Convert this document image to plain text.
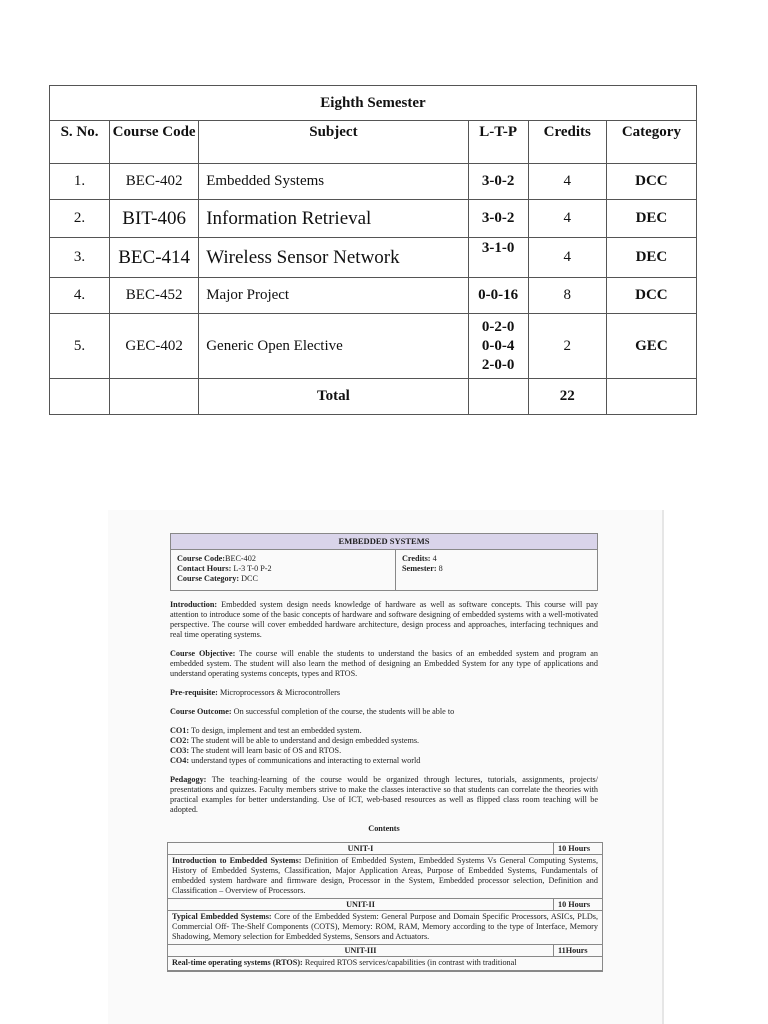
Eighth Semester					
S. No.	Course Code	Subject	L-T-P	Credits	Category
1.	BEC-402	Embedded Systems	3-0-2	4	DCC
2.	BIT-406	Information Retrieval	3-0-2	4	DEC
3.	BEC-414	Wireless Sensor Network	3-1-0	4	DEC
4.	BEC-452	Major Project	0-0-16	8	DCC
5.	GEC-402	Generic Open Elective	0-2-0
0-0-4
2-0-0	2	GEC
		Total		22	
EMBEDDED SYSTEMS
Course Code:BEC-402
Contact Hours: L-3 T-0 P-2
Course Category: DCC
Credits: 4
Semester: 8
Introduction: Embedded system design needs knowledge of hardware as well as software concepts. This course will pay attention to introduce some of the basic concepts of hardware and software designing of embedded systems with a well-motivated perspective. The course will cover embedded hardware architecture, design process and approaches, interfacing techniques and real time operating systems.
Course Objective: The course will enable the students to understand the basics of an embedded system and program an embedded system. The student will also learn the method of designing an Embedded System for any type of applications and understand operating systems concepts, types and RTOS.
Pre-requisite: Microprocessors & Microcontrollers
Course Outcome: On successful completion of the course, the students will be able to
CO1: To design, implement and test an embedded system.
CO2: The student will be able to understand and design embedded systems.
CO3: The student will learn basic of OS and RTOS.
CO4: understand types of communications and interacting to external world
Pedagogy: The teaching-learning of the course would be organized through lectures, tutorials, assignments, projects/ presentations and quizzes. Faculty members strive to make the classes interactive so that students can correlate the theories with practical examples for better understanding. Use of ICT, web-based resources as well as flipped class room teaching will be adopted.
Contents
UNIT-I	10 Hours
Introduction to Embedded Systems: Definition of Embedded System, Embedded Systems Vs General Computing Systems, History of Embedded Systems, Classification, Major Application Areas, Purpose of Embedded Systems, Fundamentals of embedded system hardware and firmware design, Processor in the System, Embedded processor selection, Definition and Classification – Overview of Processors.
UNIT-II	10 Hours
Typical Embedded Systems: Core of the Embedded System: General Purpose and Domain Specific Processors, ASICs, PLDs, Commercial Off- The-Shelf Components (COTS), Memory: ROM, RAM, Memory according to the type of Interface, Memory Shadowing, Memory selection for Embedded Systems, Sensors and Actuators.
UNIT-III	11Hours
Real-time operating systems (RTOS): Required RTOS services/capabilities (in contrast with traditional
